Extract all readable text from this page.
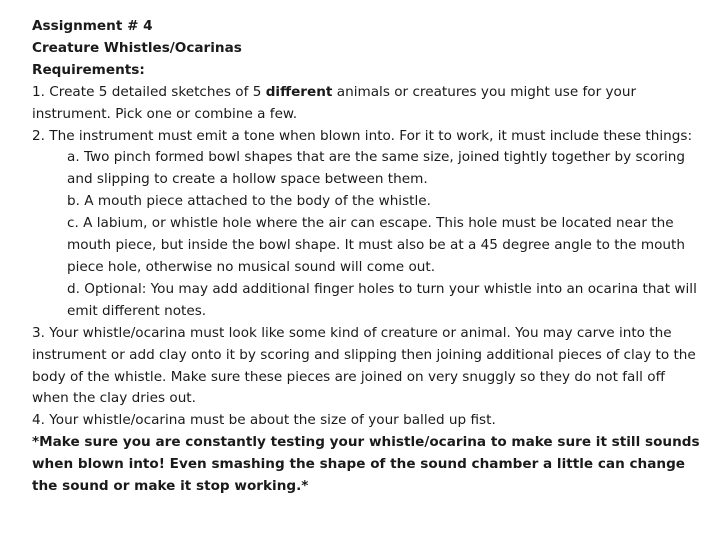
Assignment # 4
Creature Whistles/Ocarinas
Requirements:
1. Create 5 detailed sketches of 5 different animals or creatures you might use for your instrument. Pick one or combine a few.
2. The instrument must emit a tone when blown into. For it to work, it must include these things:
a. Two pinch formed bowl shapes that are the same size, joined tightly together by scoring and slipping to create a hollow space between them.
b. A mouth piece attached to the body of the whistle.
c. A labium, or whistle hole where the air can escape. This hole must be located near the mouth piece, but inside the bowl shape. It must also be at a 45 degree angle to the mouth piece hole, otherwise no musical sound will come out.
d. Optional: You may add additional finger holes to turn your whistle into an ocarina that will emit different notes.
3. Your whistle/ocarina must look like some kind of creature or animal. You may carve into the instrument or add clay onto it by scoring and slipping then joining additional pieces of clay to the body of the whistle. Make sure these pieces are joined on very snuggly so they do not fall off when the clay dries out.
4. Your whistle/ocarina must be about the size of your balled up fist.
*Make sure you are constantly testing your whistle/ocarina to make sure it still sounds when blown into! Even smashing the shape of the sound chamber a little can change the sound or make it stop working.*
